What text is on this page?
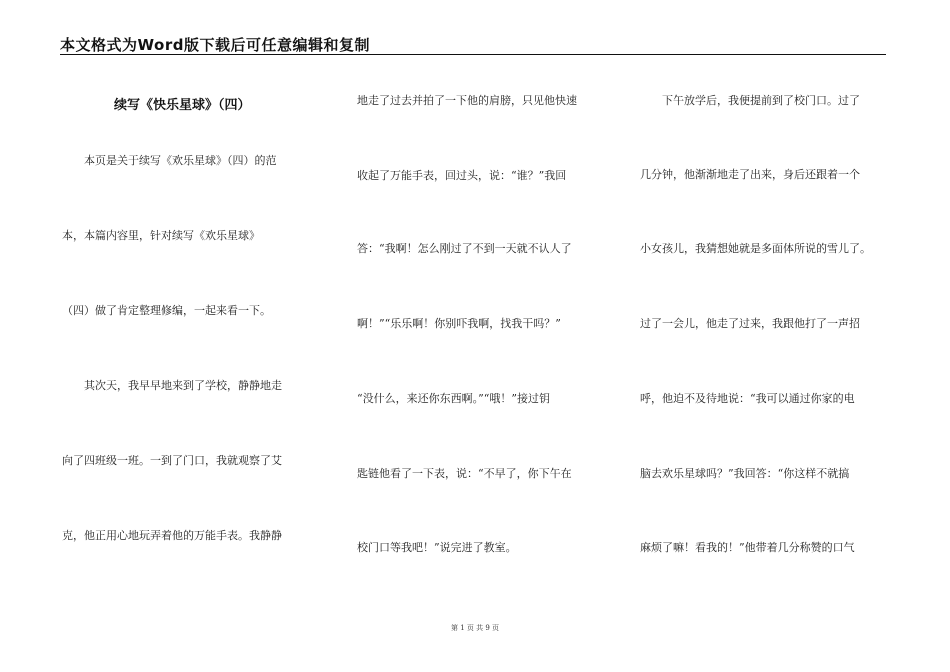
本文格式为Word版下载后可任意编辑和复制
续写《快乐星球》（四）
　　本页是关于续写《欢乐星球》（四）的范
本，本篇内容里，针对续写《欢乐星球》
（四）做了肯定整理修编，一起来看一下。
　　其次天，我早早地来到了学校，静静地走
向了四班级一班。一到了门口，我就观察了艾
克，他正用心地玩弄着他的万能手表。我静静
地走了过去并拍了一下他的肩膀，只见他快速
收起了万能手表，回过头，说：“谁？”我回
答：“我啊！怎么刚过了不到一天就不认人了
啊！”“乐乐啊！你别吓我啊，找我干吗？”
“没什么，来还你东西啊。”“哦！”接过钥
匙链他看了一下表，说：“不早了，你下午在
校门口等我吧！”说完进了教室。
　　下午放学后，我便提前到了校门口。过了
几分钟，他渐渐地走了出来，身后还跟着一个
小女孩儿，我猜想她就是多面体所说的雪儿了。
过了一会儿，他走了过来，我跟他打了一声招
呼，他迫不及待地说：“我可以通过你家的电
脑去欢乐星球吗？”我回答：“你这样不就搞
麻烦了嘛！看我的！”他带着几分称赞的口气
第 1 页 共 9 页
